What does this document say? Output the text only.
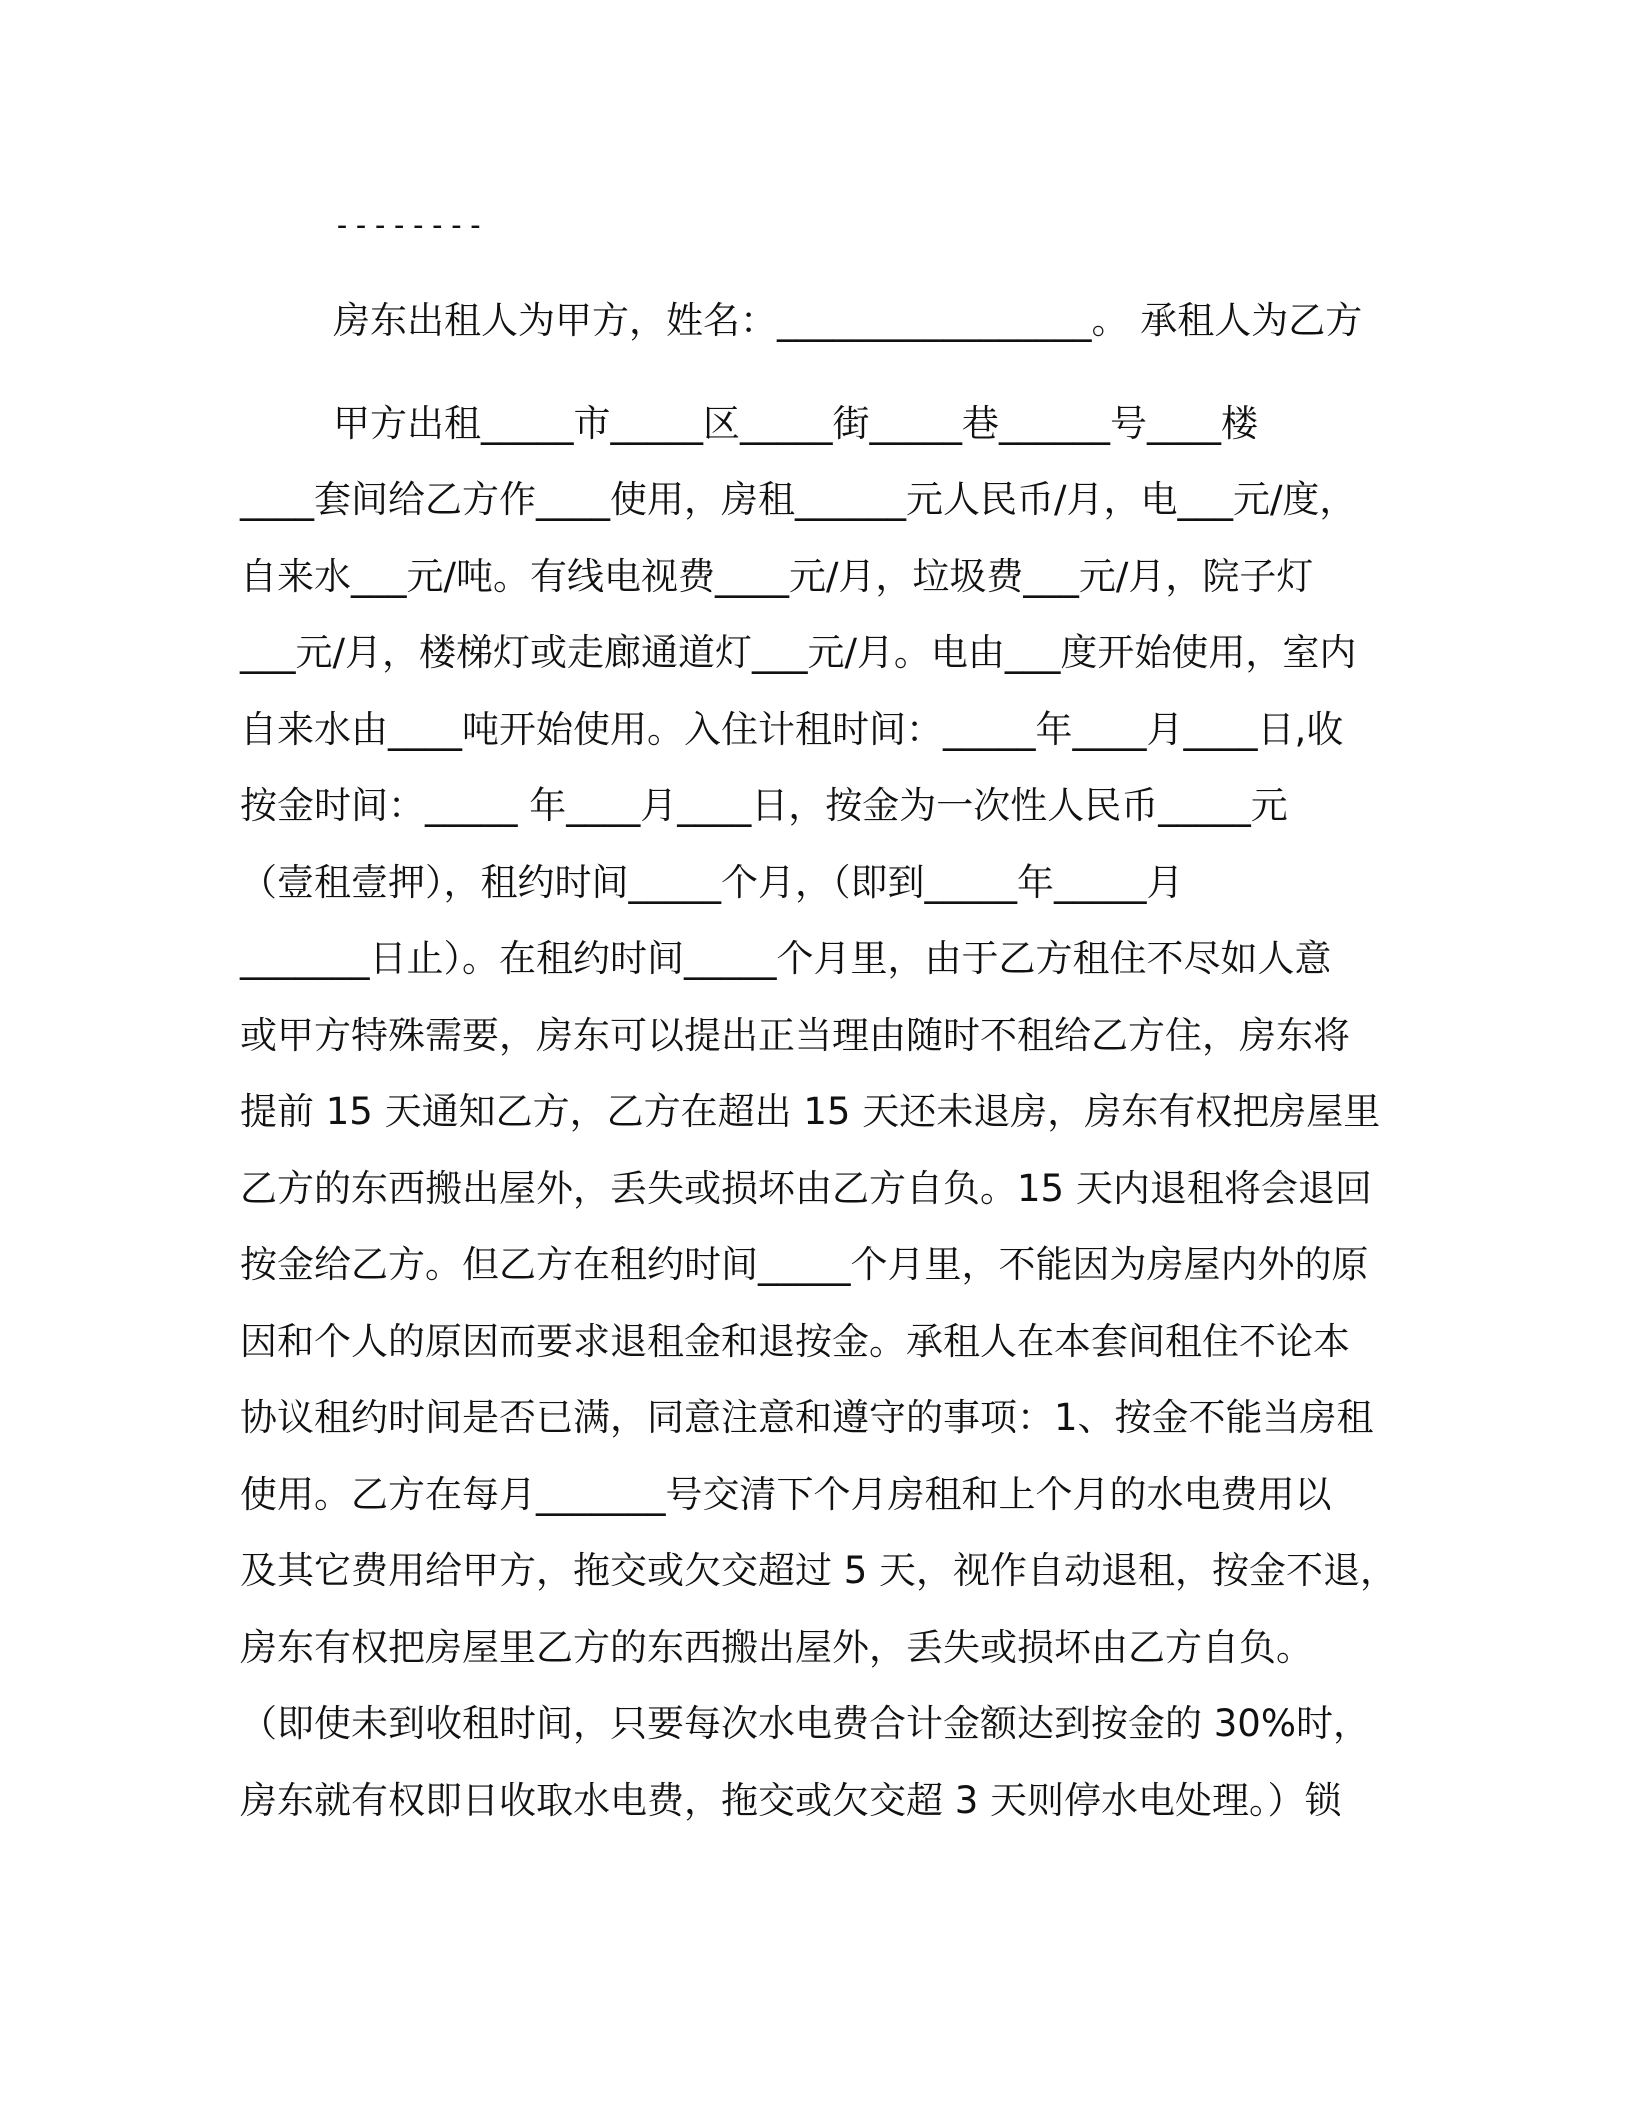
--------
房东出租人为甲方，姓名：_________________。 承租人为乙方
甲方出租_____市_____区_____街_____巷______号____楼
____套间给乙方作____使用，房租______元人民币/月，电___元/度，
自来水___元/吨。有线电视费____元/月，垃圾费___元/月，院子灯
___元/月，楼梯灯或走廊通道灯___元/月。电由___度开始使用，室内
自来水由____吨开始使用。入住计租时间：_____年____月____日,收
按金时间：_____ 年____月____日，按金为一次性人民币_____元
（壹租壹押），租约时间_____个月，（即到_____年_____月
_______日止）。在租约时间_____个月里，由于乙方租住不尽如人意
或甲方特殊需要，房东可以提出正当理由随时不租给乙方住，房东将
提前 15 天通知乙方，乙方在超出 15 天还未退房，房东有权把房屋里
乙方的东西搬出屋外，丢失或损坏由乙方自负。15 天内退租将会退回
按金给乙方。但乙方在租约时间_____个月里，不能因为房屋内外的原
因和个人的原因而要求退租金和退按金。承租人在本套间租住不论本
协议租约时间是否已满，同意注意和遵守的事项：1、按金不能当房租
使用。乙方在每月_______号交清下个月房租和上个月的水电费用以
及其它费用给甲方，拖交或欠交超过 5 天，视作自动退租，按金不退，
房东有权把房屋里乙方的东西搬出屋外，丢失或损坏由乙方自负。
（即使未到收租时间，只要每次水电费合计金额达到按金的 30%时，
房东就有权即日收取水电费，拖交或欠交超 3 天则停水电处理。）锁
